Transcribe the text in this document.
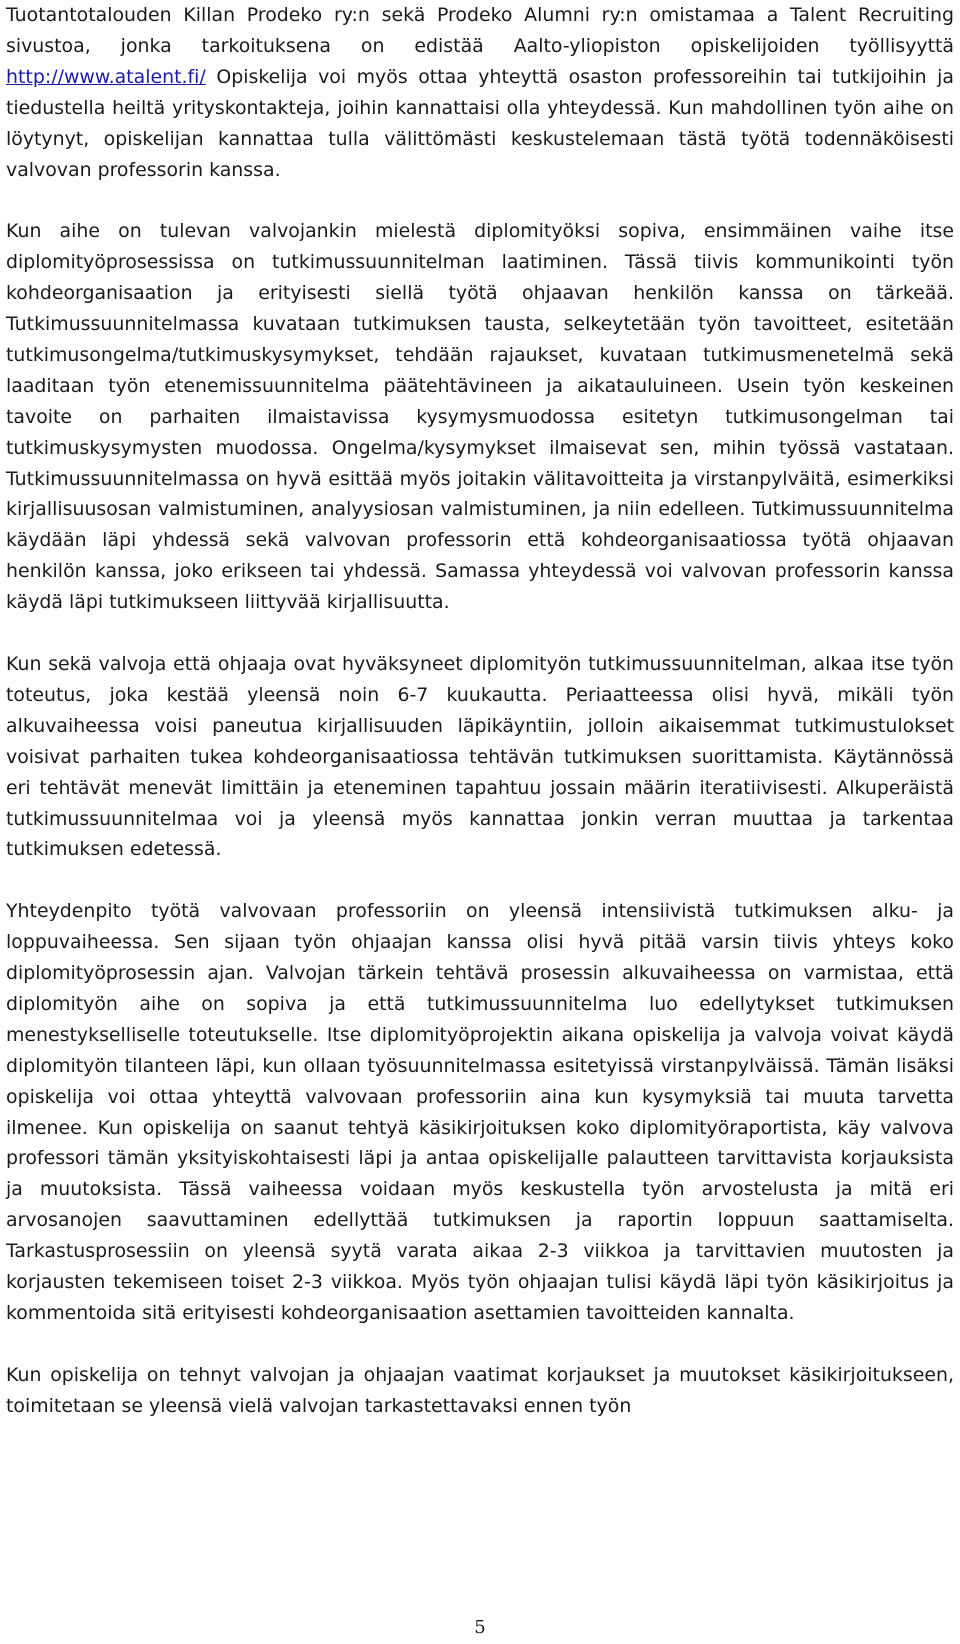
Tuotantotalouden Killan Prodeko ry:n sekä Prodeko Alumni ry:n omistamaa a Talent Recruiting sivustoa, jonka tarkoituksena on edistää Aalto-yliopiston opiskelijoiden työllisyyttä http://www.atalent.fi/ Opiskelija voi myös ottaa yhteyttä osaston professoreihin tai tutkijoihin ja tiedustella heiltä yrityskontakteja, joihin kannattaisi olla yhteydessä. Kun mahdollinen työn aihe on löytynyt, opiskelijan kannattaa tulla välittömästi keskustelemaan tästä työtä todennäköisesti valvovan professorin kanssa.

Kun aihe on tulevan valvojankin mielestä diplomityöksi sopiva, ensimmäinen vaihe itse diplomityöprosessissa on tutkimussuunnitelman laatiminen. Tässä tiivis kommunikointi työn kohdeorganisaation ja erityisesti siellä työtä ohjaavan henkilön kanssa on tärkeää. Tutkimussuunnitelmassa kuvataan tutkimuksen tausta, selkeytetään työn tavoitteet, esitetään tutkimusongelma/tutkimuskysymykset, tehdään rajaukset, kuvataan tutkimusmenetelmä sekä laaditaan työn etenemissuunnitelma päätehtävineen ja aikatauluineen. Usein työn keskeinen tavoite on parhaiten ilmaistavissa kysymysmuodossa esitetyn tutkimusongelman tai tutkimuskysymysten muodossa. Ongelma/kysymykset ilmaisevat sen, mihin työssä vastataan. Tutkimussuunnitelmassa on hyvä esittää myös joitakin välitavoitteita ja virstanpylväitä, esimerkiksi kirjallisuusosan valmistuminen, analyysiosan valmistuminen, ja niin edelleen. Tutkimussuunnitelma käydään läpi yhdessä sekä valvovan professorin että kohdeorganisaatiossa työtä ohjaavan henkilön kanssa, joko erikseen tai yhdessä. Samassa yhteydessä voi valvovan professorin kanssa käydä läpi tutkimukseen liittyvää kirjallisuutta.

Kun sekä valvoja että ohjaaja ovat hyväksyneet diplomityön tutkimussuunnitelman, alkaa itse työn toteutus, joka kestää yleensä noin 6-7 kuukautta. Periaatteessa olisi hyvä, mikäli työn alkuvaiheessa voisi paneutua kirjallisuuden läpikäyntiin, jolloin aikaisemmat tutkimustulokset voisivat parhaiten tukea kohdeorganisaatiossa tehtävän tutkimuksen suorittamista. Käytännössä eri tehtävät menevät limittäin ja eteneminen tapahtuu jossain määrin iteratiivisesti. Alkuperäistä tutkimussuunnitelmaa voi ja yleensä myös kannattaa jonkin verran muuttaa ja tarkentaa tutkimuksen edetessä.

Yhteydenpito työtä valvovaan professoriin on yleensä intensiivistä tutkimuksen alku- ja loppuvaiheessa. Sen sijaan työn ohjaajan kanssa olisi hyvä pitää varsin tiivis yhteys koko diplomityöprosessin ajan. Valvojan tärkein tehtävä prosessin alkuvaiheessa on varmistaa, että diplomityön aihe on sopiva ja että tutkimussuunnitelma luo edellytykset tutkimuksen menestykselliselle toteutukselle. Itse diplomityöprojektin aikana opiskelija ja valvoja voivat käydä diplomityön tilanteen läpi, kun ollaan työsuunnitelmassa esitetyissä virstanpylväissä. Tämän lisäksi opiskelija voi ottaa yhteyttä valvovaan professoriin aina kun kysymyksiä tai muuta tarvetta ilmenee. Kun opiskelija on saanut tehtyä käsikirjoituksen koko diplomityöraportista, käy valvova professori tämän yksityiskohtaisesti läpi ja antaa opiskelijalle palautteen tarvittavista korjauksista ja muutoksista. Tässä vaiheessa voidaan myös keskustella työn arvostelusta ja mitä eri arvosanojen saavuttaminen edellyttää tutkimuksen ja raportin loppuun saattamiselta. Tarkastusprosessiin on yleensä syytä varata aikaa 2-3 viikkoa ja tarvittavien muutosten ja korjausten tekemiseen toiset 2-3 viikkoa. Myös työn ohjaajan tulisi käydä läpi työn käsikirjoitus ja kommentoida sitä erityisesti kohdeorganisaation asettamien tavoitteiden kannalta.

Kun opiskelija on tehnyt valvojan ja ohjaajan vaatimat korjaukset ja muutokset käsikirjoitukseen, toimitetaan se yleensä vielä valvojan tarkastettavaksi ennen työn

5
